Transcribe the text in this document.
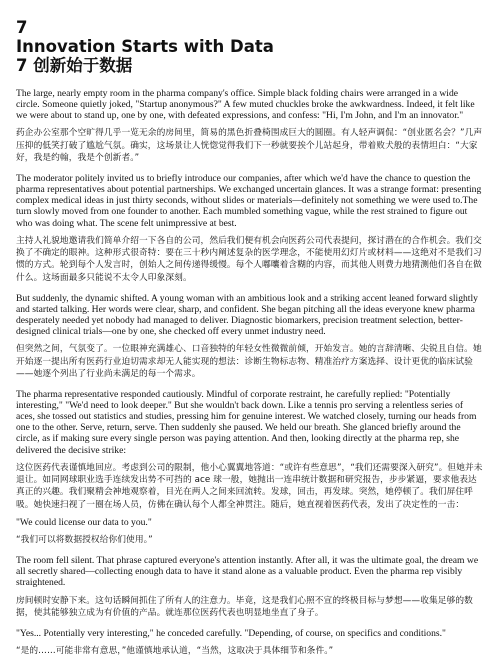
7
Innovation Starts with Data
7 创新始于数据

The large, nearly empty room in the pharma company's office. Simple black folding chairs were arranged in a wide circle. Someone quietly joked, "Startup anonymous?" A few muted chuckles broke the awkwardness. Indeed, it felt like we were about to stand up, one by one, with defeated expressions, and confess: "Hi, I'm John, and I'm an innovator."

药企办公室那个空旷得几乎一览无余的房间里，简易的黑色折叠椅围成巨大的圆圈。有人轻声调侃：“创业匿名会？”几声压抑的低笑打破了尴尬气氛。确实，这场景让人恍惚觉得我们下一秒就要挨个儿站起身，带着败犬般的表情坦白：“大家好，我是约翰，我是个创新者。”

The moderator politely invited us to briefly introduce our companies, after which we'd have the chance to question the pharma representatives about potential partnerships. We exchanged uncertain glances. It was a strange format: presenting complex medical ideas in just thirty seconds, without slides or materials—definitely not something we were used to.The turn slowly moved from one founder to another. Each mumbled something vague, while the rest strained to figure out who was doing what. The scene felt unimpressive at best.

主持人礼貌地邀请我们简单介绍一下各自的公司，然后我们便有机会向医药公司代表提问，探讨潜在的合作机会。我们交换了不确定的眼神。这种形式很奇特：要在三十秒内阐述复杂的医学理念，不能使用幻灯片或材料——这绝对不是我们习惯的方式。轮到每个人发言时，创始人之间传递得缓慢。每个人嘟囔着含糊的内容，而其他人则费力地猜测他们各自在做什么。这场面最多只能说不太令人印象深刻。

But suddenly, the dynamic shifted. A young woman with an ambitious look and a striking accent leaned forward slightly and started talking. Her words were clear, sharp, and confident. She began pitching all the ideas everyone knew pharma desperately needed yet nobody had managed to deliver. Diagnostic biomarkers, precision treatment selection, better-designed clinical trials—one by one, she checked off every unmet industry need.

但突然之间，气氛变了。一位眼神充满雄心、口音独特的年轻女性微微前倾，开始发言。她的言辞清晰、尖锐且自信。她开始逐一提出所有医药行业迫切需求却无人能实现的想法：诊断生物标志物、精准治疗方案选择、设计更优的临床试验——她逐个列出了行业尚未满足的每一个需求。

The pharma representative responded cautiously. Mindful of corporate restraint, he carefully replied: "Potentially interesting," "We'd need to look deeper." But she wouldn't back down. Like a tennis pro serving a relentless series of aces, she tossed out statistics and studies, pressing him for genuine interest. We watched closely, turning our heads from one to the other. Serve, return, serve. Then suddenly she paused. We held our breath. She glanced briefly around the circle, as if making sure every single person was paying attention. And then, looking directly at the pharma rep, she delivered the decisive strike:

这位医药代表谨慎地回应。考虑到公司的限制，他小心翼翼地答道：“或许有些意思”，“我们还需要深入研究”。但她并未退让。如同网球职业选手连续发出势不可挡的 ace 球一般，她抛出一连串统计数据和研究报告，步步紧逼，要求他表达真正的兴趣。我们聚精会神地观察着，目光在两人之间来回流转。发球，回击，再发球。突然，她停顿了。我们屏住呼吸。她快速扫视了一圈在场人员，仿佛在确认每个人都全神贯注。随后，她直视着医药代表，发出了决定性的一击：

"We could license our data to you."

“我们可以将数据授权给你们使用。”

The room fell silent. That phrase captured everyone's attention instantly. After all, it was the ultimate goal, the dream we all secretly shared—collecting enough data to have it stand alone as a valuable product. Even the pharma rep visibly straightened.

房间顿时安静下来。这句话瞬间抓住了所有人的注意力。毕竟，这是我们心照不宣的终极目标与梦想——收集足够的数据，使其能够独立成为有价值的产品。就连那位医药代表也明显地坐直了身子。

"Yes... Potentially very interesting," he conceded carefully. "Depending, of course, on specifics and conditions."

“是的……可能非常有意思，”他谨慎地承认道，“当然，这取决于具体细节和条件。”
